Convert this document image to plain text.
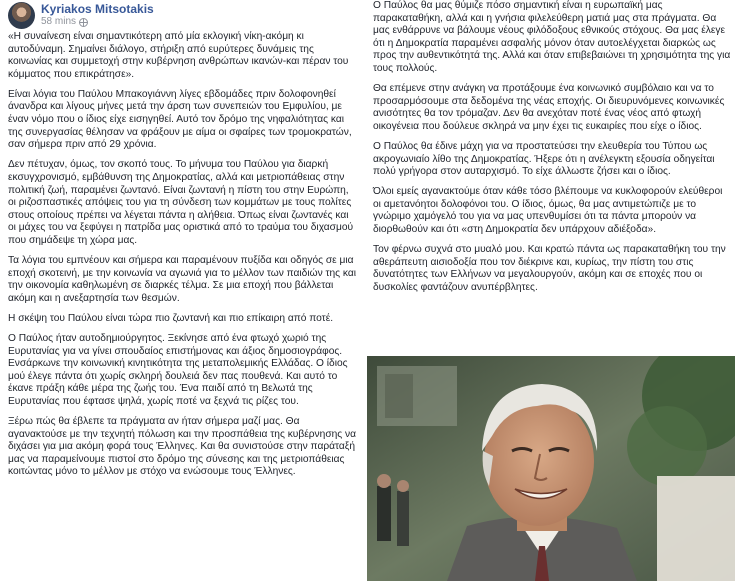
Kyriakos Mitsotakis
58 mins
«Η συναίνεση είναι σημαντικότερη από μία εκλογική νίκη-ακόμη κι αυτοδύναμη. Σημαίνει διάλογο, στήριξη από ευρύτερες δυνάμεις της κοινωνίας και συμμετοχή στην κυβέρνηση ανθρώπων ικανών-και πέραν του κόμματος που επικράτησε».
Είναι λόγια του Παύλου Μπακογιάννη λίγες εβδομάδες πριν δολοφονηθεί άνανδρα και λίγους μήνες μετά την άρση των συνεπειών του Εμφυλίου, με έναν νόμο που ο ίδιος είχε εισηγηθεί. Αυτό τον δρόμο της νηφαλιότητας και της συνεργασίας θέλησαν να φράξουν με αίμα οι σφαίρες των τρομοκρατών, σαν σήμερα πριν από 29 χρόνια.
Δεν πέτυχαν, όμως, τον σκοπό τους. Το μήνυμα του Παύλου για διαρκή εκσυγχρονισμό, εμβάθυνση της Δημοκρατίας, αλλά και μετριοπάθειας στην πολιτική ζωή, παραμένει ζωντανό. Είναι ζωντανή η πίστη του στην Ευρώπη, οι ριζοσπαστικές απόψεις του για τη σύνδεση των κομμάτων με τους πολίτες στους οποίους πρέπει να λέγεται πάντα η αλήθεια. Όπως είναι ζωντανές και οι μάχες του να ξεφύγει η πατρίδα μας οριστικά από το τραύμα του διχασμού που σημάδεψε τη χώρα μας.
Τα λόγια του εμπνέουν και σήμερα και παραμένουν πυξίδα και οδηγός σε μια εποχή σκοτεινή, με την κοινωνία να αγωνιά για το μέλλον των παιδιών της και την οικονομία καθηλωμένη σε διαρκές τέλμα. Σε μια εποχή που βάλλεται ακόμη και η ανεξαρτησία των θεσμών.
Η σκέψη του Παύλου είναι τώρα πιο ζωντανή και πιο επίκαιρη από ποτέ.
Ο Παύλος ήταν αυτοδημιούργητος. Ξεκίνησε από ένα φτωχό χωριό της Ευρυτανίας για να γίνει σπουδαίος επιστήμονας και άξιος δημοσιογράφος. Ενσάρκωνε την κοινωνική κινητικότητα της μεταπολεμικής Ελλάδας. Ο ίδιος μού έλεγε πάντα ότι χωρίς σκληρή δουλειά δεν πας πουθενά. Και αυτό το έκανε πράξη κάθε μέρα της ζωής του. Ένα παιδί από τη Βελωτά της Ευρυτανίας που έφτασε ψηλά, χωρίς ποτέ να ξεχνά τις ρίζες του.
Ξέρω πώς θα έβλεπε τα πράγματα αν ήταν σήμερα μαζί μας. Θα αγανακτούσε με την τεχνητή πόλωση και την προσπάθεια της κυβέρνησης να διχάσει για μια ακόμη φορά τους Έλληνες. Και θα συνιστούσε στην παράταξή μας να παραμείνουμε πιστοί στο δρόμο της σύνεσης και της μετριοπάθειας κοιτώντας μόνο το μέλλον με στόχο να ενώσουμε τους Έλληνες.
Ο Παύλος θα μας θύμιζε πόσο σημαντική είναι η ευρωπαϊκή μας παρακαταθήκη, αλλά και η γνήσια φιλελεύθερη ματιά μας στα πράγματα. Θα μας ενθάρρυνε να βάλουμε νέους φιλόδοξους εθνικούς στόχους. Θα μας έλεγε ότι η Δημοκρατία παραμένει ασφαλής μόνον όταν αυτοελέγχεται διαρκώς ως προς την αυθεντικότητά της. Αλλά και όταν επιβεβαιώνει τη χρησιμότητα της για τους πολλούς.
Θα επέμενε στην ανάγκη να προτάξουμε ένα κοινωνικό συμβόλαιο και να το προσαρμόσουμε στα δεδομένα της νέας εποχής. Οι διευρυνόμενες κοινωνικές ανισότητες θα τον τρόμαζαν. Δεν θα ανεχόταν ποτέ ένας νέος από φτωχή οικογένεια που δούλευε σκληρά να μην έχει τις ευκαιρίες που είχε ο ίδιος.
Ο Παύλος θα έδινε μάχη για να προστατεύσει την ελευθερία του Τύπου ως ακρογωνιαίο λίθο της Δημοκρατίας. Ήξερε ότι η ανέλεγκτη εξουσία οδηγείται πολύ γρήγορα στον αυταρχισμό. Το είχε άλλωστε ζήσει και ο ίδιος.
Όλοι εμείς αγανακτούμε όταν κάθε τόσο βλέπουμε να κυκλοφορούν ελεύθεροι οι αμετανόητοι δολοφόνοι του. Ο ίδιος, όμως, θα μας αντιμετώπιζε με το γνώριμο χαμόγελό του για να μας υπενθυμίσει ότι τα πάντα μπορούν να διορθωθούν και ότι «στη Δημοκρατία δεν υπάρχουν αδιέξοδα».
Τον φέρνω συχνά στο μυαλό μου. Και κρατώ πάντα ως παρακαταθήκη του την αθεράπευτη αισιοδοξία που τον διέκρινε και, κυρίως, την πίστη του στις δυνατότητες των Ελλήνων να μεγαλουργούν, ακόμη και σε εποχές που οι δυσκολίες φαντάζουν ανυπέρβλητες.
